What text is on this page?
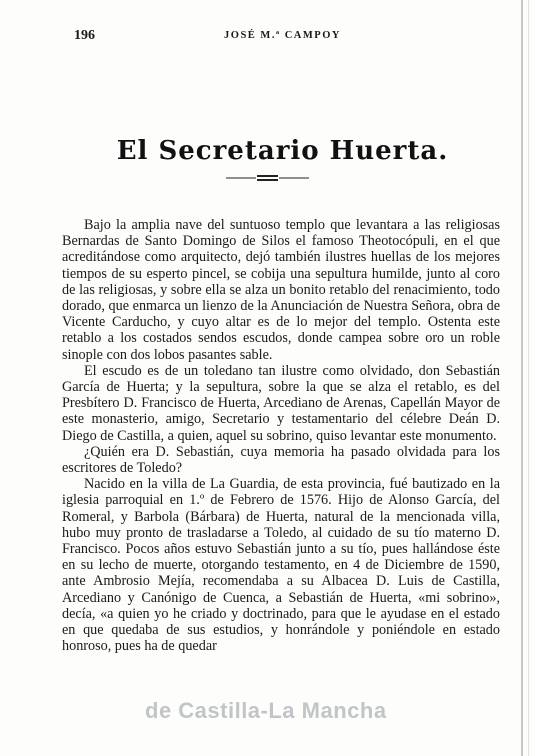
196	JOSÉ M.ª CAMPOY
El Secretario Huerta.

Bajo la amplia nave del suntuoso templo que levantara a las religiosas Bernardas de Santo Domingo de Silos el famoso Theotocópuli, en el que acreditándose como arquitecto, dejó también ilustres huellas de los mejores tiempos de su esperto pincel, se cobija una sepultura humilde, junto al coro de las religiosas, y sobre ella se alza un bonito retablo del renacimiento, todo dorado, que enmarca un lienzo de la Anunciación de Nuestra Señora, obra de Vicente Carducho, y cuyo altar es de lo mejor del templo. Ostenta este retablo a los costados sendos escudos, donde campea sobre oro un roble sinople con dos lobos pasantes sable.

El escudo es de un toledano tan ilustre como olvidado, don Sebastián García de Huerta; y la sepultura, sobre la que se alza el retablo, es del Presbítero D. Francisco de Huerta, Arcediano de Arenas, Capellán Mayor de este monasterio, amigo, Secretario y testamentario del célebre Deán D. Diego de Castilla, a quien, aquel su sobrino, quiso levantar este monumento.

¿Quién era D. Sebastián, cuya memoria ha pasado olvidada para los escritores de Toledo?

Nacido en la villa de La Guardia, de esta provincia, fué bautizado en la iglesia parroquial en 1.º de Febrero de 1576. Hijo de Alonso García, del Romeral, y Barbola (Bárbara) de Huerta, natural de la mencionada villa, hubo muy pronto de trasladarse a Toledo, al cuidado de su tío materno D. Francisco. Pocos años estuvo Sebastián junto a su tío, pues hallándose éste en su lecho de muerte, otorgando testamento, en 4 de Diciembre de 1590, ante Ambrosio Mejía, recomendaba a su Albacea D. Luis de Castilla, Arcediano y Canónigo de Cuenca, a Sebastián de Huerta, «mi sobrino», decía, «a quien yo he criado y doctrinado, para que le ayudase en el estado en que quedaba de sus estudios, y honrándole y poniéndole en estado honroso, pues ha de quedar

de Castilla-La Mancha
